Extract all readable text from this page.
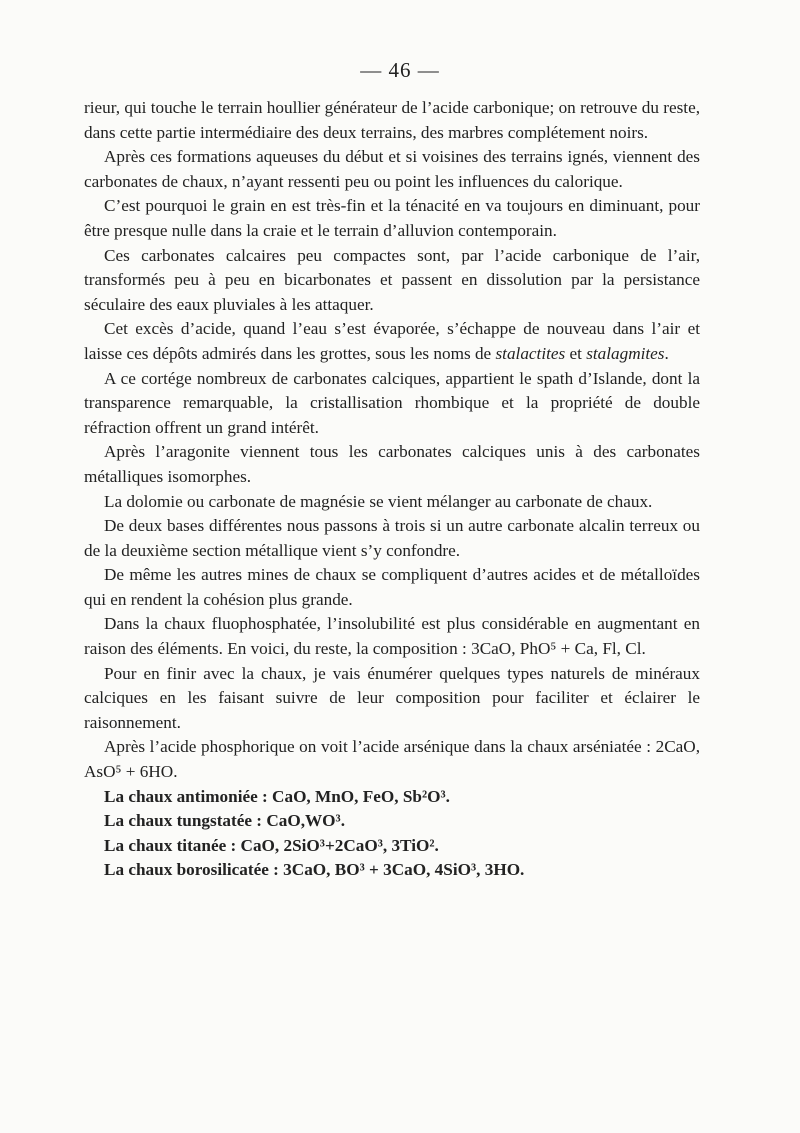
— 46 —

rieur, qui touche le terrain houllier générateur de l’acide carbonique; on retrouve du reste, dans cette partie intermédiaire des deux terrains, des marbres complétement noirs.

Après ces formations aqueuses du début et si voisines des terrains ignés, viennent des carbonates de chaux, n’ayant ressenti peu ou point les influences du calorique.

C’est pourquoi le grain en est très-fin et la ténacité en va toujours en diminuant, pour être presque nulle dans la craie et le terrain d’alluvion contemporain.

Ces carbonates calcaires peu compactes sont, par l’acide carbonique de l’air, transformés peu à peu en bicarbonates et passent en dissolution par la persistance séculaire des eaux pluviales à les attaquer.

Cet excès d’acide, quand l’eau s’est évaporée, s’échappe de nouveau dans l’air et laisse ces dépôts admirés dans les grottes, sous les noms de stalactites et stalagmites.

A ce cortége nombreux de carbonates calciques, appartient le spath d’Islande, dont la transparence remarquable, la cristallisation rhombique et la propriété de double réfraction offrent un grand intérêt.

Après l’aragonite viennent tous les carbonates calciques unis à des carbonates métalliques isomorphes.

La dolomie ou carbonate de magnésie se vient mélanger au carbonate de chaux.

De deux bases différentes nous passons à trois si un autre carbonate alcalin terreux ou de la deuxième section métallique vient s’y confondre.

De même les autres mines de chaux se compliquent d’autres acides et de métalloïdes qui en rendent la cohésion plus grande.

Dans la chaux fluophosphatée, l’insolubilité est plus considérable en augmentant en raison des éléments. En voici, du reste, la composition : 3CaO, PhO⁵ + Ca, Fl, Cl.

Pour en finir avec la chaux, je vais énumérer quelques types naturels de minéraux calciques en les faisant suivre de leur composition pour faciliter et éclairer le raisonnement.

Après l’acide phosphorique on voit l’acide arsénique dans la chaux arséniatée : 2CaO, AsO⁵ + 6HO.

La chaux antimoniée : CaO, MnO, FeO, Sb²O³.

La chaux tungstatée : CaO,WO³.

La chaux titanée : CaO, 2SiO³+2CaO³, 3TiO².

La chaux borosilicatée : 3CaO, BO³ + 3CaO, 4SiO³, 3HO.
